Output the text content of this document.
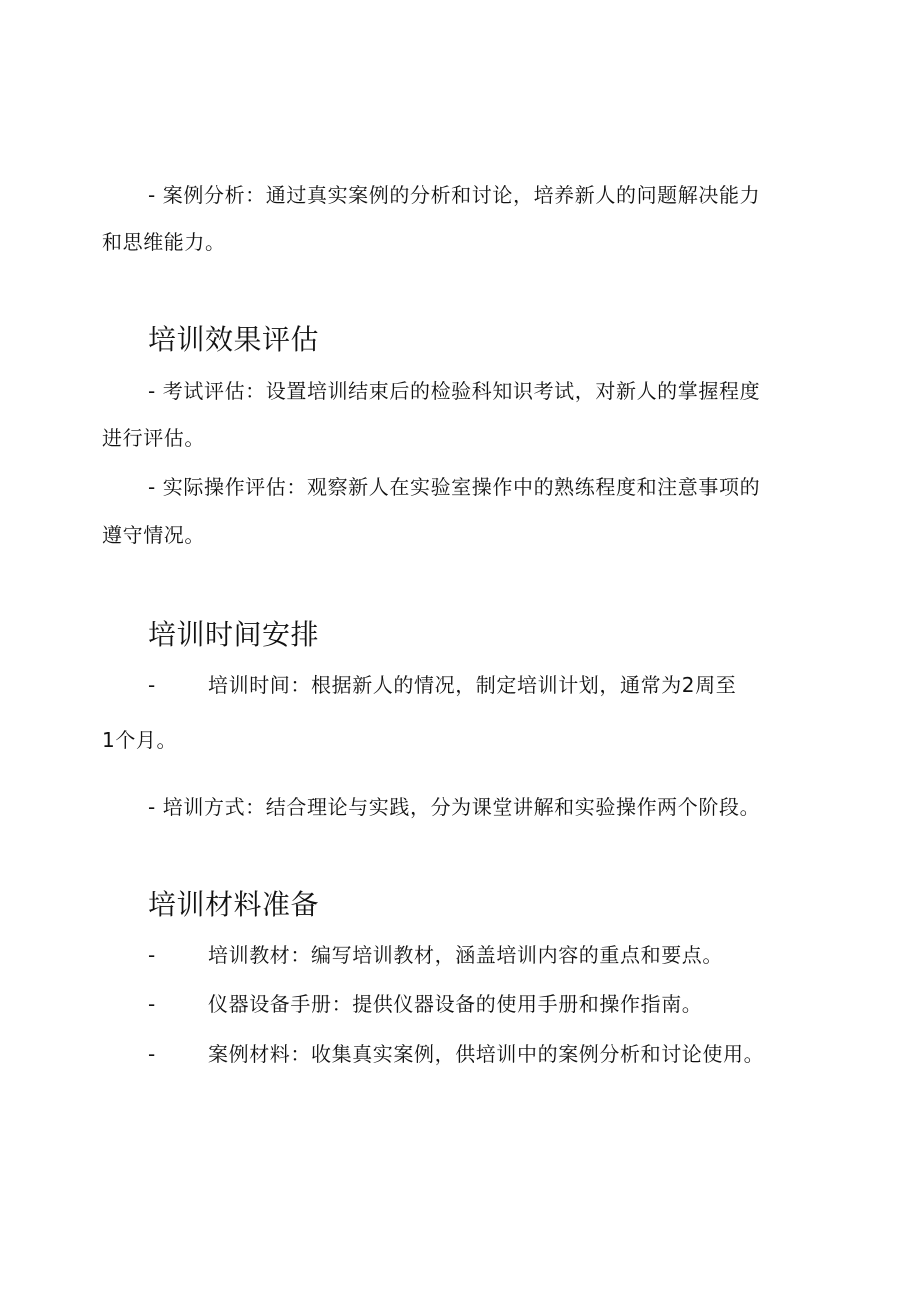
- 案例分析：通过真实案例的分析和讨论，培养新人的问题解决能力
和思维能力。
培训效果评估
- 考试评估：设置培训结束后的检验科知识考试，对新人的掌握程度
进行评估。
- 实际操作评估：观察新人在实验室操作中的熟练程度和注意事项的
遵守情况。
培训时间安排
-	培训时间：根据新人的情况，制定培训计划，通常为2周至
1个月。
- 培训方式：结合理论与实践，分为课堂讲解和实验操作两个阶段。
培训材料准备
-	培训教材：编写培训教材，涵盖培训内容的重点和要点。
-	仪器设备手册：提供仪器设备的使用手册和操作指南。
-	案例材料：收集真实案例，供培训中的案例分析和讨论使用。
